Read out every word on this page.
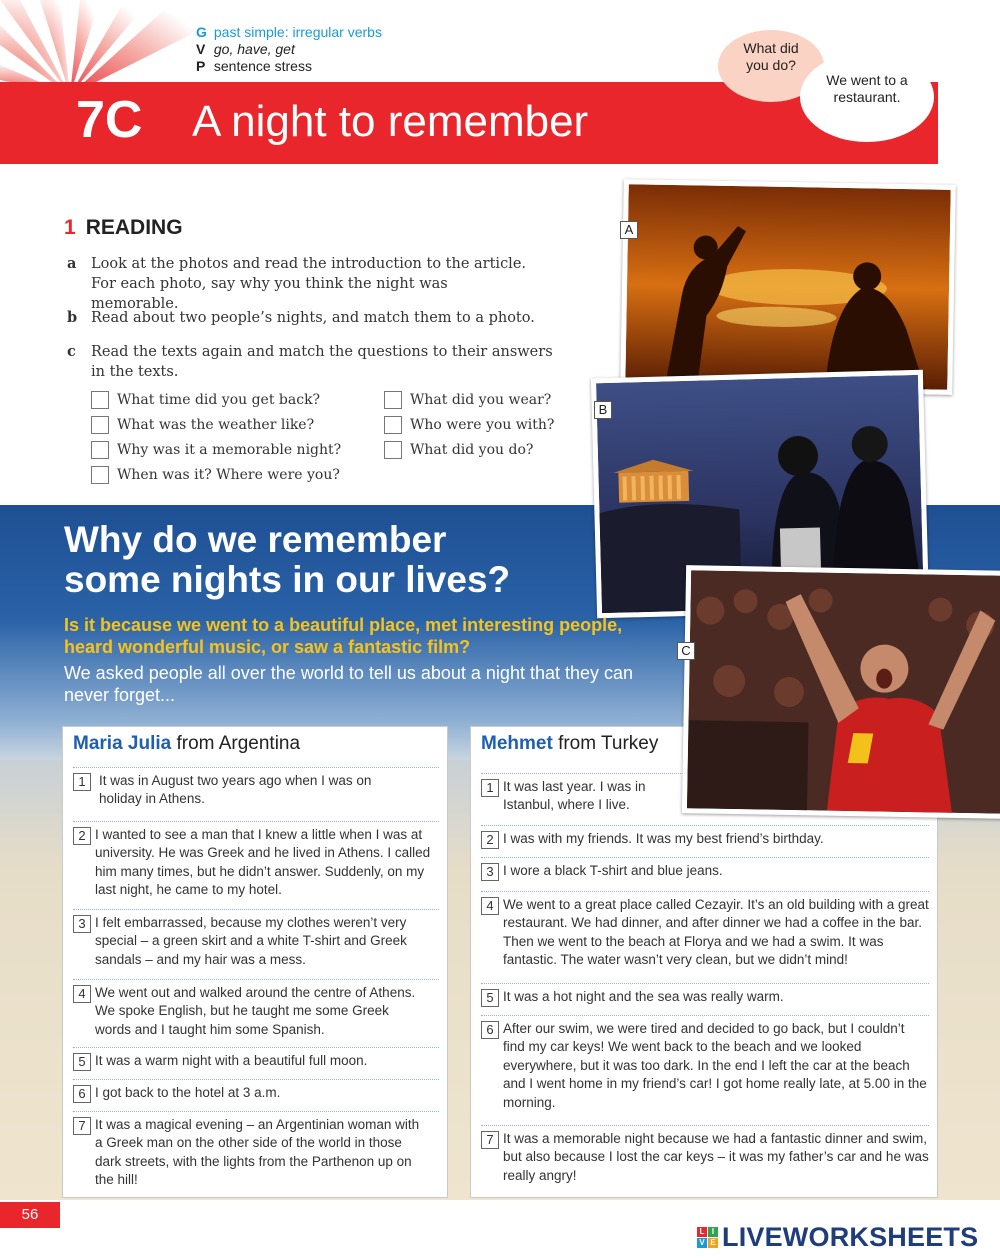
G past simple: irregular verbs
V go, have, get
P sentence stress
7C A night to remember
What did you do?
We went to a restaurant.
1 READING
a Look at the photos and read the introduction to the article. For each photo, say why you think the night was memorable.
b Read about two people’s nights, and match them to a photo.
c Read the texts again and match the questions to their answers in the texts.
What time did you get back?
What was the weather like?
Why was it a memorable night?
When was it? Where were you?
What did you wear?
Who were you with?
What did you do?
A
B
C
Why do we remember
some nights in our lives?
Is it because we went to a beautiful place, met interesting people, heard wonderful music, or saw a fantastic film?
We asked people all over the world to tell us about a night that they can never forget...
Maria Julia from Argentina
1 It was in August two years ago when I was on holiday in Athens.
2 I wanted to see a man that I knew a little when I was at university. He was Greek and he lived in Athens. I called him many times, but he didn’t answer. Suddenly, on my last night, he came to my hotel.
3 I felt embarrassed, because my clothes weren’t very special – a green skirt and a white T-shirt and Greek sandals – and my hair was a mess.
4 We went out and walked around the centre of Athens. We spoke English, but he taught me some Greek words and I taught him some Spanish.
5 It was a warm night with a beautiful full moon.
6 I got back to the hotel at 3 a.m.
7 It was a magical evening – an Argentinian woman with a Greek man on the other side of the world in those dark streets, with the lights from the Parthenon up on the hill!
Mehmet from Turkey
1 It was last year. I was in Istanbul, where I live.
2 I was with my friends. It was my best friend’s birthday.
3 I wore a black T-shirt and blue jeans.
4 We went to a great place called Cezayir. It’s an old building with a great restaurant. We had dinner, and after dinner we had a coffee in the bar. Then we went to the beach at Florya and we had a swim. It was fantastic. The water wasn’t very clean, but we didn’t mind!
5 It was a hot night and the sea was really warm.
6 After our swim, we were tired and decided to go back, but I couldn’t find my car keys! We went back to the beach and we looked everywhere, but it was too dark. In the end I left the car at the beach and I went home in my friend’s car! I got home really late, at 5.00 in the morning.
7 It was a memorable night because we had a fantastic dinner and swim, but also because I lost the car keys – it was my father’s car and he was really angry!
56
L I
V E LIVEWORKSHEETS
